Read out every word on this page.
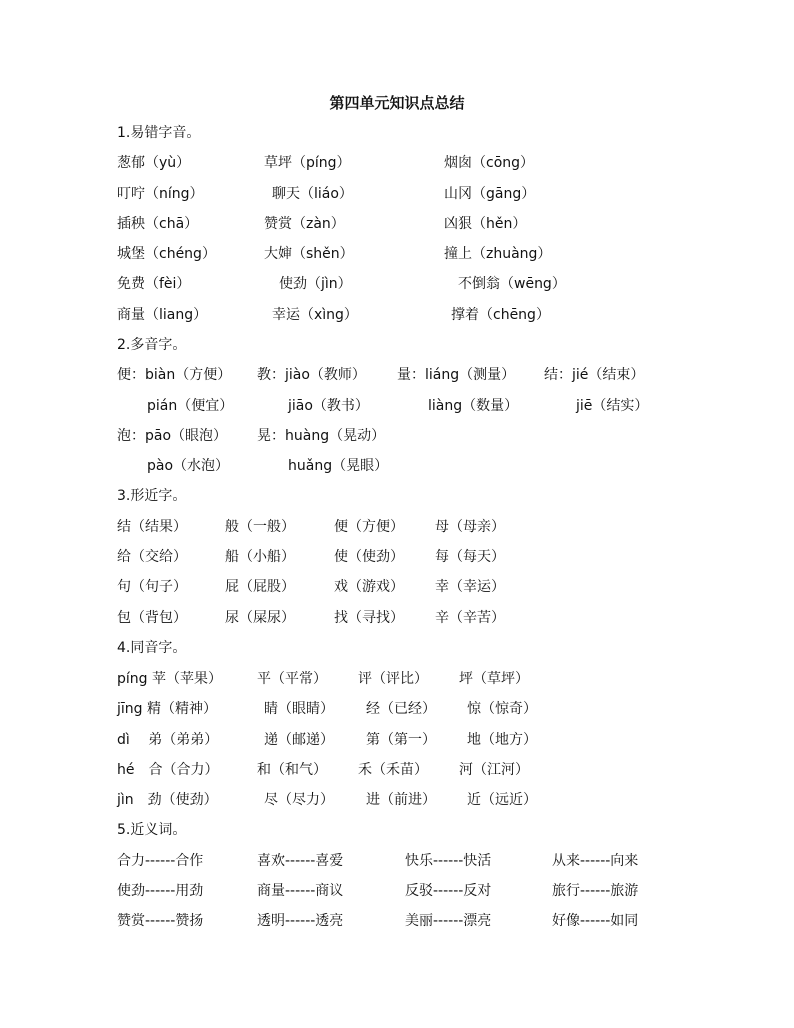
第四单元知识点总结
1.易错字音。
葱郁（yù）	草坪（píng）	烟囱（cōng）
叮咛（níng）	聊天（liáo）	山冈（gāng）
插秧（chā）	赞赏（zàn）	凶狠（hěn）
城堡（chéng）	大婶（shěn）	撞上（zhuàng）
免费（fèi）	使劲（jìn）	不倒翁（wēng）
商量（liang）	幸运（xìng）	撑着（chēng）
2.多音字。
便：biàn（方便） 教：jiào（教师） 量：liáng（测量） 结：jié（结束）
pián（便宜）	jiāo（教书）	liàng（数量）	jiē（结实）
泡：pāo（眼泡） 晃：huàng（晃动）
pào（水泡）	huǎng（晃眼）
3.形近字。
结（结果）	般（一般）	便（方便） 母（母亲）
给（交给）	船（小船）	使（使劲） 每（每天）
句（句子）	屁（屁股）	戏（游戏） 幸（幸运）
包（背包）	尿（屎尿）	找（寻找） 辛（辛苦）
4.同音字。
píng 苹（苹果）	平（平常） 评（评比） 坪（草坪）
jīng 精（精神）	睛（眼睛） 经（已经） 惊（惊奇）
dì　 弟（弟弟）	递（邮递） 第（第一） 地（地方）
hé　合（合力）	和（和气） 禾（禾苗） 河（江河）
jìn　劲（使劲）	尽（尽力） 进（前进） 近（远近）
5.近义词。
合力------合作	喜欢------喜爱	快乐------快活	从来------向来
使劲------用劲	商量------商议	反驳------反对	旅行------旅游
赞赏------赞扬	透明------透亮	美丽------漂亮	好像------如同
